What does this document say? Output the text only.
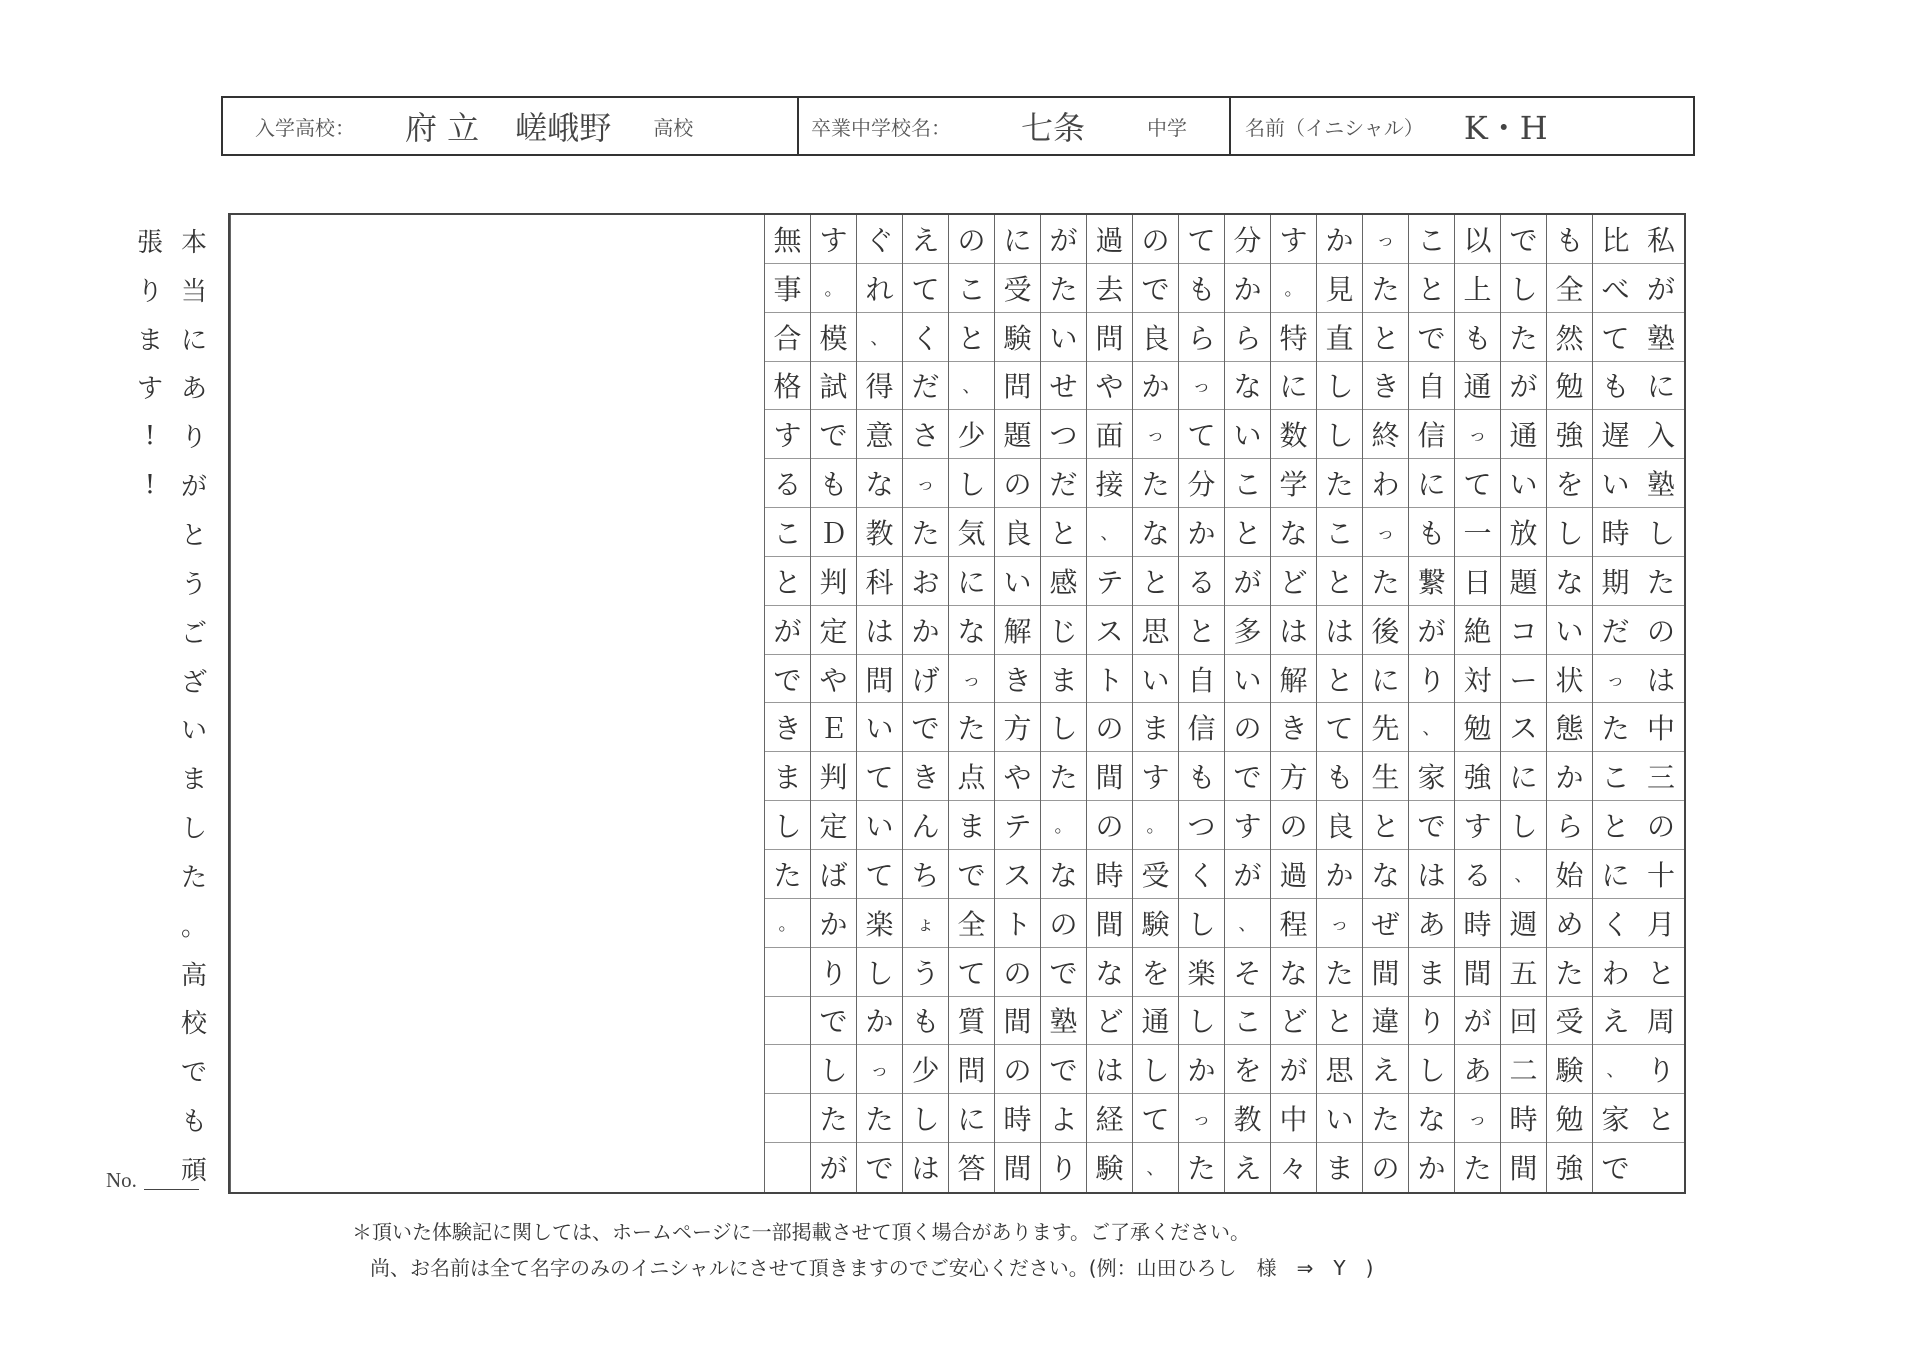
入学高校： 府 立 嵯峨野 高校	卒業中学校名： 七条	中学	名前（イニシャル） K・H
私
が
塾
に
入
塾
し
た
の
は
中
三
の
十
月
と
周
り
と
比
べ
て
も
遅
い
時
期
だ
っ
た
こ
と
に
く
わ
え
、
家
で
も
全
然
勉
強
を
し
な
い
状
態
か
ら
始
め
た
受
験
勉
強
で
し
た
が
通
い
放
題
コ
ー
ス
に
し
、
週
五
回
二
時
間
以
上
も
通
っ
て
一
日
絶
対
勉
強
す
る
時
間
が
あ
っ
た
こ
と
で
自
信
に
も
繋
が
り
、
家
で
は
あ
ま
り
し
な
か
っ
た
と
き
終
わ
っ
た
後
に
先
生
と
な
ぜ
間
違
え
た
の
か
見
直
し
し
た
こ
と
は
と
て
も
良
か
っ
た
と
思
い
ま
す
。
特
に
数
学
な
ど
は
解
き
方
の
過
程
な
ど
が
中
々
分
か
ら
な
い
こ
と
が
多
い
の
で
す
が
、
そ
こ
を
教
え
て
も
ら
っ
て
分
か
る
と
自
信
も
つ
く
し
楽
し
か
っ
た
の
で
良
か
っ
た
な
と
思
い
ま
す
。
受
験
を
通
し
て
、
過
去
問
や
面
接
、
テ
ス
ト
の
間
の
時
間
な
ど
は
経
験
が
た
い
せ
つ
だ
と
感
じ
ま
し
た
。
な
の
で
塾
で
よ
り
に
受
験
問
題
の
良
い
解
き
方
や
テ
ス
ト
の
間
の
時
間
の
こ
と
、
少
し
気
に
な
っ
た
点
ま
で
全
て
質
問
に
答
え
て
く
だ
さ
っ
た
お
か
げ
で
き
ん
ち
ょ
う
も
少
し
は
ぐ
れ
、
得
意
な
教
科
は
問
い
て
い
て
楽
し
か
っ
た
で
す
。
模
試
で
も
Ｄ
判
定
や
Ｅ
判
定
ば
か
り
で
し
た
が
無
事
合
格
す
る
こ
と
が
で
き
ま
し
た
。
本
当
に
あ
り
が
と
う
ご
ざ
い
ま
し
た
。
高
校
で
も
頑
張
り
ま
す
!
!
No.
＊頂いた体験記に関しては、ホームページに一部掲載させて頂く場合があります。ご了承ください。
尚、お名前は全て名字のみのイニシャルにさせて頂きますのでご安心ください。(例：山田ひろし　様　⇒　Y　)
